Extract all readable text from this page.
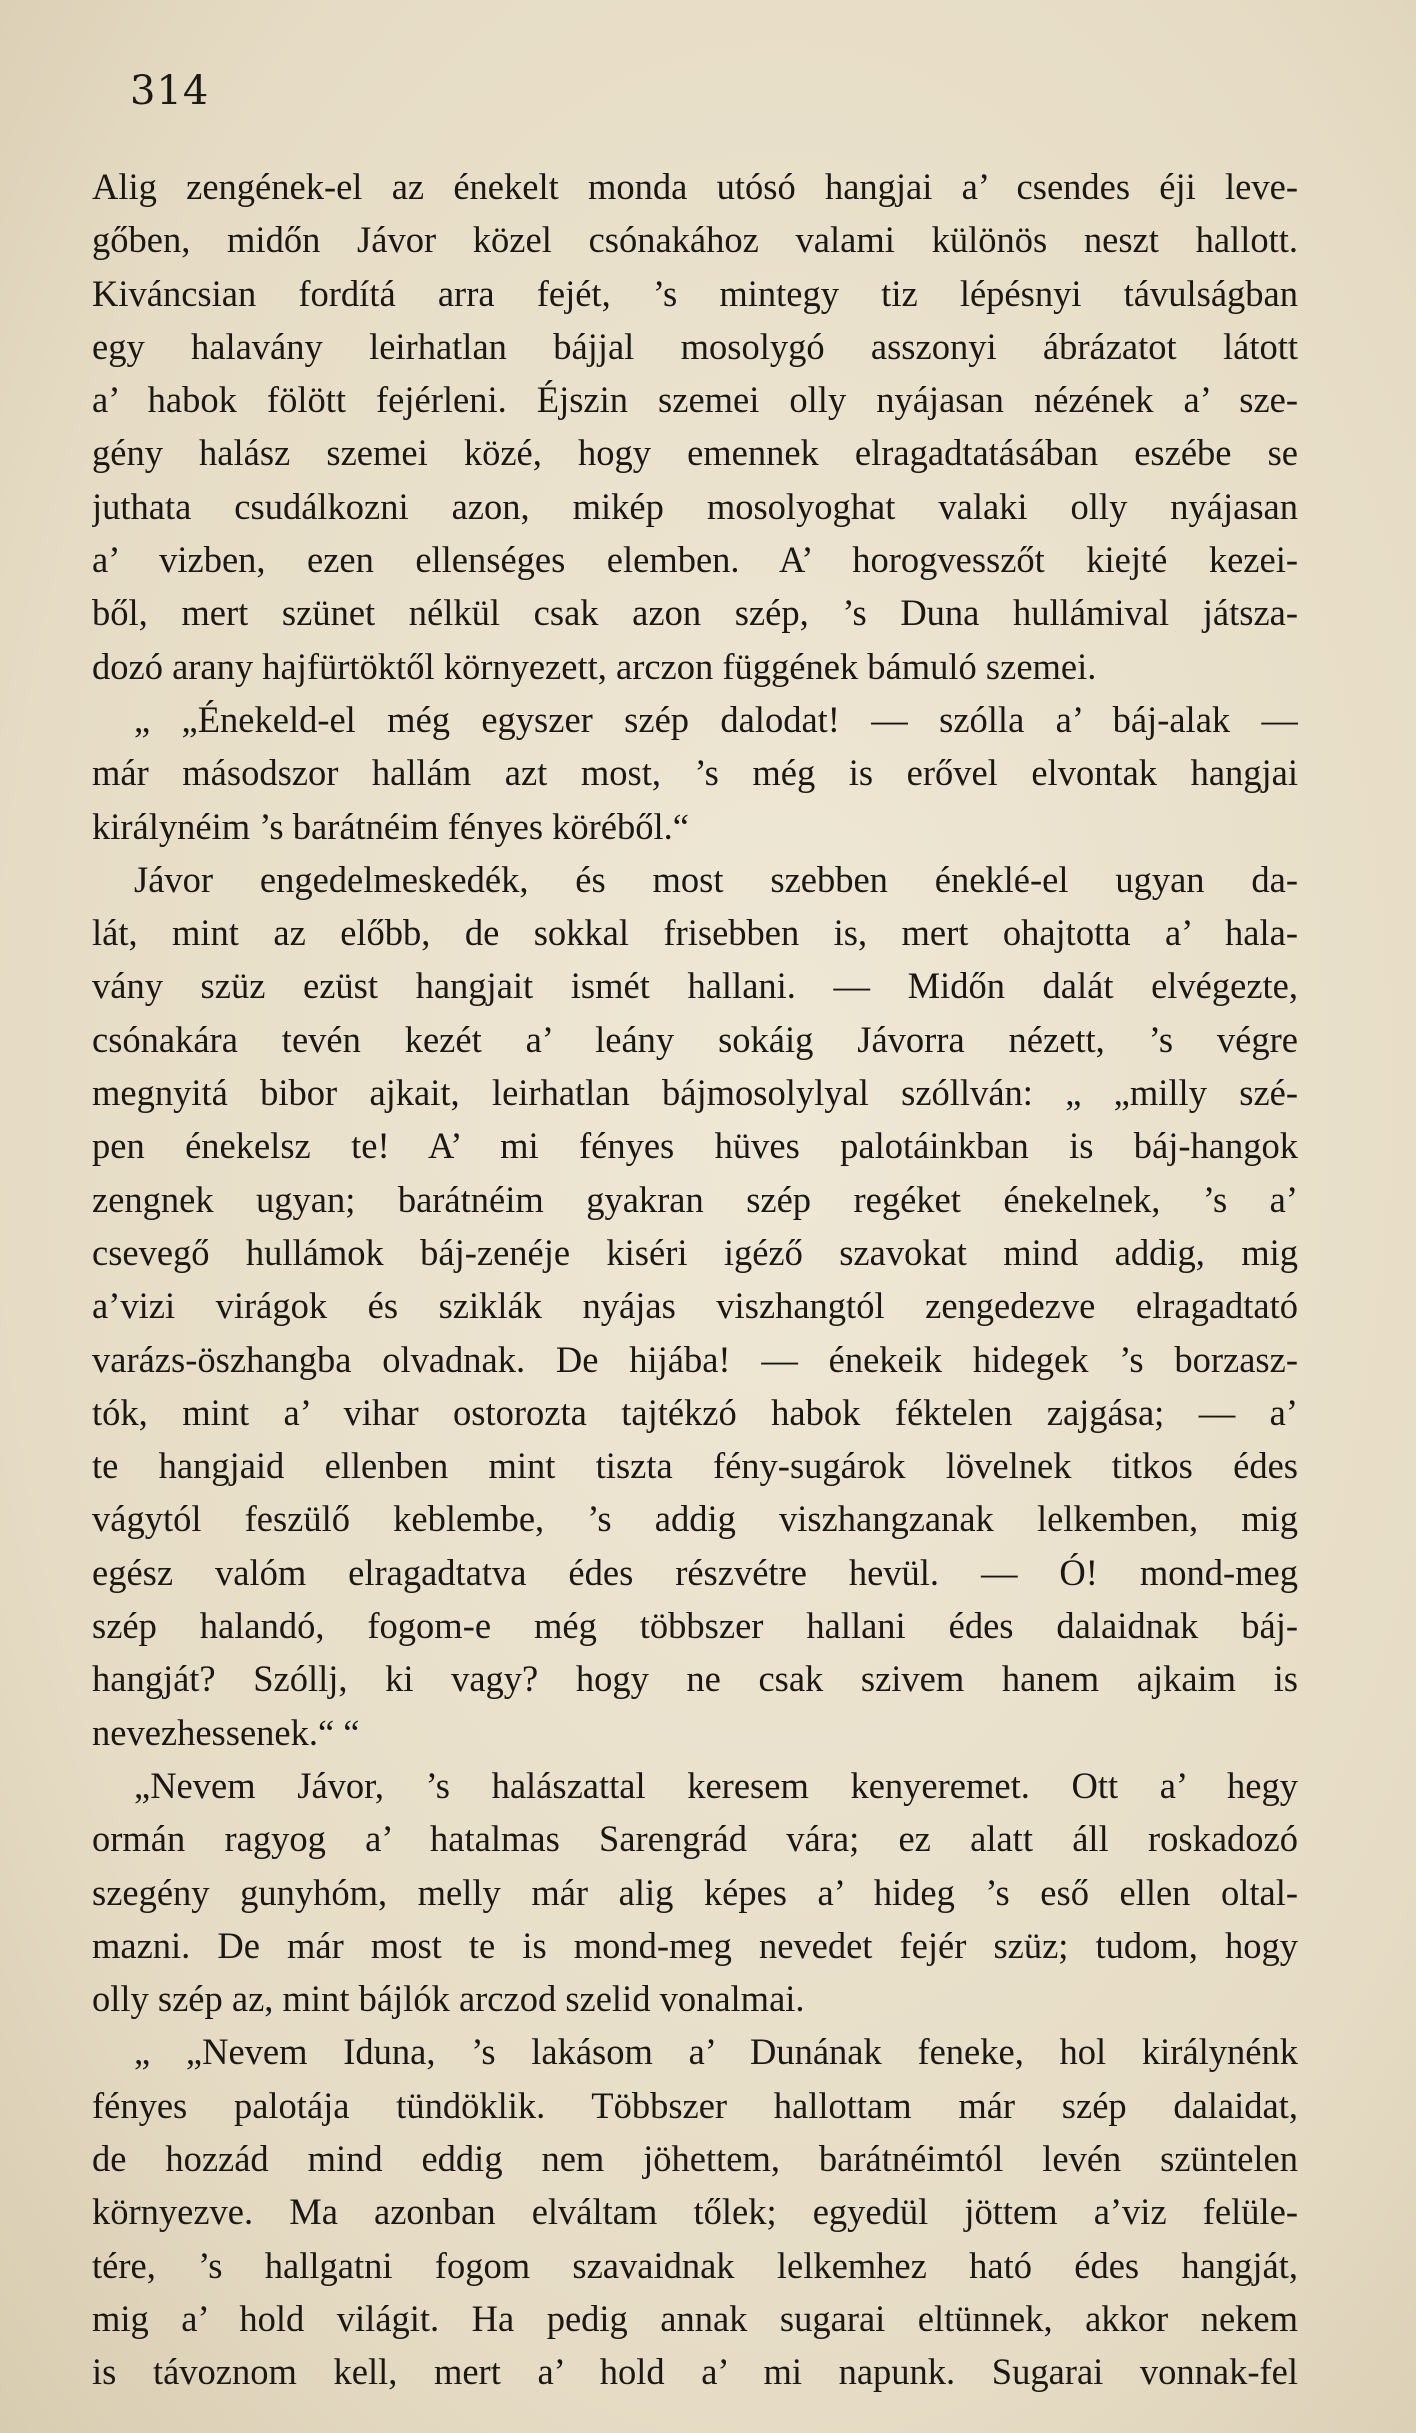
314
Alig zengének-el az énekelt monda utósó hangjai a’ csendes éji leve-
gőben, midőn Jávor közel csónakához valami különös neszt hallott.
Kiváncsian fordítá arra fejét, ’s mintegy tiz lépésnyi távulságban
egy halavány leirhatlan bájjal mosolygó asszonyi ábrázatot látott
a’ habok fölött fejérleni. Éjszin szemei olly nyájasan nézének a’ sze-
gény halász szemei közé, hogy emennek elragadtatásában eszébe se
juthata csudálkozni azon, mikép mosolyoghat valaki olly nyájasan
a’ vizben, ezen ellenséges elemben. A’ horogvesszőt kiejté kezei-
ből, mert szünet nélkül csak azon szép, ’s Duna hullámival játsza-
dozó arany hajfürtöktől környezett, arczon függének bámuló szemei.
„ „Énekeld-el még egyszer szép dalodat! — szólla a’ báj-alak —
már másodszor hallám azt most, ’s még is erővel elvontak hangjai
királynéim ’s barátnéim fényes köréből.“
Jávor engedelmeskedék, és most szebben éneklé-el ugyan da-
lát, mint az előbb, de sokkal frisebben is, mert ohajtotta a’ hala-
vány szüz ezüst hangjait ismét hallani. — Midőn dalát elvégezte,
csónakára tevén kezét a’ leány sokáig Jávorra nézett, ’s végre
megnyitá bibor ajkait, leirhatlan bájmosolylyal szóllván: „ „milly szé-
pen énekelsz te! A’ mi fényes hüves palotáinkban is báj-hangok
zengnek ugyan; barátnéim gyakran szép regéket énekelnek, ’s a’
csevegő hullámok báj-zenéje kiséri igéző szavokat mind addig, mig
a’vizi virágok és sziklák nyájas viszhangtól zengedezve elragadtató
varázs-öszhangba olvadnak. De hijába! — énekeik hidegek ’s borzasz-
tók, mint a’ vihar ostorozta tajtékzó habok féktelen zajgása; — a’
te hangjaid ellenben mint tiszta fény-sugárok lövelnek titkos édes
vágytól feszülő keblembe, ’s addig viszhangzanak lelkemben, mig
egész valóm elragadtatva édes részvétre hevül. — Ó! mond-meg
szép halandó, fogom-e még többszer hallani édes dalaidnak báj-
hangját? Szóllj, ki vagy? hogy ne csak szivem hanem ajkaim is
nevezhessenek.“ “
„Nevem Jávor, ’s halászattal keresem kenyeremet. Ott a’ hegy
ormán ragyog a’ hatalmas Sarengrád vára; ez alatt áll roskadozó
szegény gunyhóm, melly már alig képes a’ hideg ’s eső ellen oltal-
mazni. De már most te is mond-meg nevedet fejér szüz; tudom, hogy
olly szép az, mint bájlók arczod szelid vonalmai.
„ „Nevem Iduna, ’s lakásom a’ Dunának feneke, hol királynénk
fényes palotája tündöklik. Többszer hallottam már szép dalaidat,
de hozzád mind eddig nem jöhettem, barátnéimtól levén szüntelen
környezve. Ma azonban elváltam tőlek; egyedül jöttem a’viz felüle-
tére, ’s hallgatni fogom szavaidnak lelkemhez ható édes hangját,
mig a’ hold világit. Ha pedig annak sugarai eltünnek, akkor nekem
is távoznom kell, mert a’ hold a’ mi napunk. Sugarai vonnak-fel
